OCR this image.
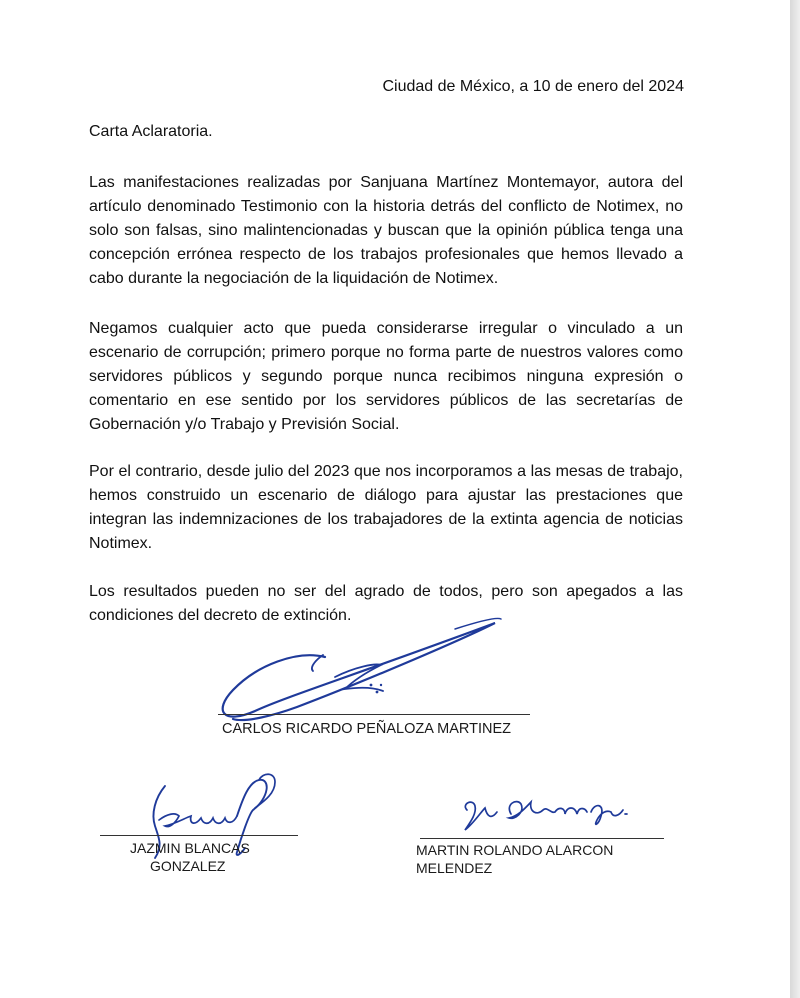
Ciudad de México, a 10 de enero del 2024
Carta Aclaratoria.

Las manifestaciones realizadas por Sanjuana Martínez Montemayor, autora del artículo denominado Testimonio con la historia detrás del conflicto de Notimex, no solo son falsas, sino malintencionadas y buscan que la opinión pública tenga una concepción errónea respecto de los trabajos profesionales que hemos llevado a cabo durante la negociación de la liquidación de Notimex.

Negamos cualquier acto que pueda considerarse irregular o vinculado a un escenario de corrupción; primero porque no forma parte de nuestros valores como servidores públicos y segundo porque nunca recibimos ninguna expresión o comentario en ese sentido por los servidores públicos de las secretarías de Gobernación y/o Trabajo y Previsión Social.

Por el contrario, desde julio del 2023 que nos incorporamos a las mesas de trabajo, hemos construido un escenario de diálogo para ajustar las prestaciones que integran las indemnizaciones de los trabajadores de la extinta agencia de noticias Notimex.

Los resultados pueden no ser del agrado de todos, pero son apegados a las condiciones del decreto de extinción.

CARLOS RICARDO PEÑALOZA MARTINEZ
JAZMIN BLANCAS
GONZALEZ
MARTIN ROLANDO ALARCON
MELENDEZ
